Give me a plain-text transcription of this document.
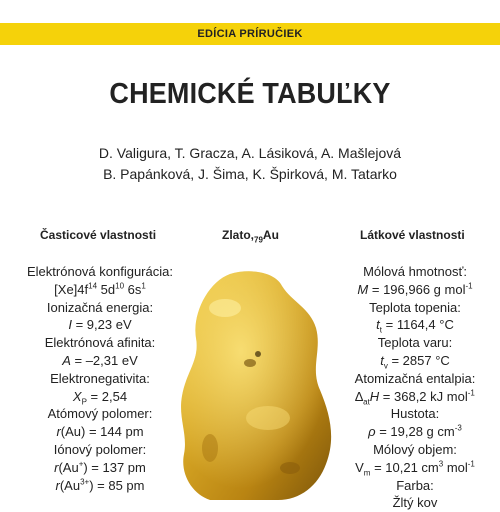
EDÍCIA PRÍRUČIEK
CHEMICKÉ TABUĽKY
D. Valigura, T. Gracza, A. Lásiková, A. Mašlejová
B. Papánková, J. Šima, K. Špirková, M. Tatarko
Časticové vlastnosti	$Zlato,_{79}Au$	Látkové vlastnosti
Elektrónová konfigurácia:
$[Xe]4f^{14}$ $5d^{10}$ $6s^1$
Ionizačná energia:
I = 9,23 eV
Elektrónová afinita:
A = –2,31 eV
Elektronegativita:
$X_P = 2,54$
Atómový polomer:
r(Au) = 144 pm
Iónový polomer:
r(Au+) = 137 pm
$r(Au^{3+}) = 85$ pm
Mólová hmotnosť:
M = 196,966 g mol$^{-1}$
Teplota topenia:
$t_t = 1164,4$ °C
Teplota varu:
$t_v = 2857$ °C
Atomizačná entalpia:
$\Delta_{at}H = 368,2$ kJ mol$^{-1}$
Hustota:
ρ = 19,28 g $cm^{-3}$
Mólový objem:
$V_m = 10,21$ $cm^3$ mol$^{-1}$
Farba:
Žltý kov
